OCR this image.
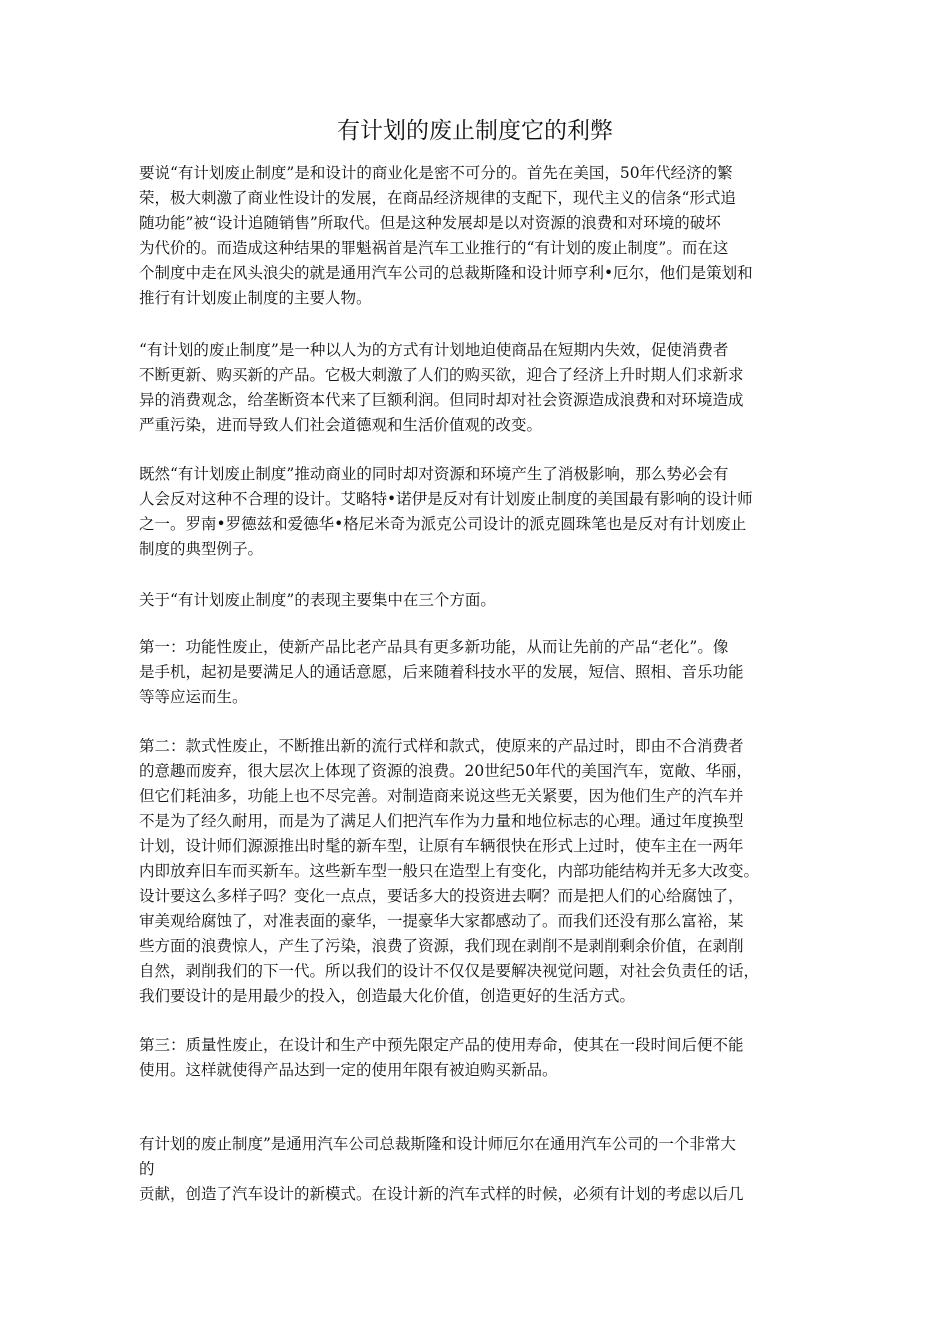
有计划的废止制度它的利弊
要说“有计划废止制度”是和设计的商业化是密不可分的。首先在美国，50年代经济的繁
荣，极大刺激了商业性设计的发展，在商品经济规律的支配下，现代主义的信条“形式追
随功能”被“设计追随销售”所取代。但是这种发展却是以对资源的浪费和对环境的破坏
为代价的。而造成这种结果的罪魁祸首是汽车工业推行的“有计划的废止制度”。而在这
个制度中走在风头浪尖的就是通用汽车公司的总裁斯隆和设计师亨利•厄尔，他们是策划和
推行有计划废止制度的主要人物。
“有计划的废止制度”是一种以人为的方式有计划地迫使商品在短期内失效，促使消费者
不断更新、购买新的产品。它极大刺激了人们的购买欲，迎合了经济上升时期人们求新求
异的消费观念，给垄断资本代来了巨额利润。但同时却对社会资源造成浪费和对环境造成
严重污染，进而导致人们社会道德观和生活价值观的改变。
既然“有计划废止制度”推动商业的同时却对资源和环境产生了消极影响，那么势必会有
人会反对这种不合理的设计。艾略特•诺伊是反对有计划废止制度的美国最有影响的设计师
之一。罗南•罗德兹和爱德华•格尼米奇为派克公司设计的派克圆珠笔也是反对有计划废止
制度的典型例子。
关于“有计划废止制度”的表现主要集中在三个方面。
第一：功能性废止，使新产品比老产品具有更多新功能，从而让先前的产品“老化”。像
是手机，起初是要满足人的通话意愿，后来随着科技水平的发展，短信、照相、音乐功能
等等应运而生。
第二：款式性废止，不断推出新的流行式样和款式，使原来的产品过时，即由不合消费者
的意趣而废弃，很大层次上体现了资源的浪费。20世纪50年代的美国汽车，宽敞、华丽，
但它们耗油多，功能上也不尽完善。对制造商来说这些无关紧要，因为他们生产的汽车并
不是为了经久耐用，而是为了满足人们把汽车作为力量和地位标志的心理。通过年度换型
计划，设计师们源源推出时髦的新车型，让原有车辆很快在形式上过时，使车主在一两年
内即放弃旧车而买新车。这些新车型一般只在造型上有变化，内部功能结构并无多大改变。
设计要这么多样子吗？变化一点点，要话多大的投资进去啊？而是把人们的心给腐蚀了，
审美观给腐蚀了，对准表面的豪华，一提豪华大家都感动了。而我们还没有那么富裕，某
些方面的浪费惊人，产生了污染，浪费了资源，我们现在剥削不是剥削剩余价值，在剥削
自然，剥削我们的下一代。所以我们的设计不仅仅是要解决视觉问题，对社会负责任的话，
我们要设计的是用最少的投入，创造最大化价值，创造更好的生活方式。
第三：质量性废止，在设计和生产中预先限定产品的使用寿命，使其在一段时间后便不能
使用。这样就使得产品达到一定的使用年限有被迫购买新品。
有计划的废止制度”是通用汽车公司总裁斯隆和设计师厄尔在通用汽车公司的一个非常大
的
贡献，创造了汽车设计的新模式。在设计新的汽车式样的时候，必须有计划的考虑以后几
